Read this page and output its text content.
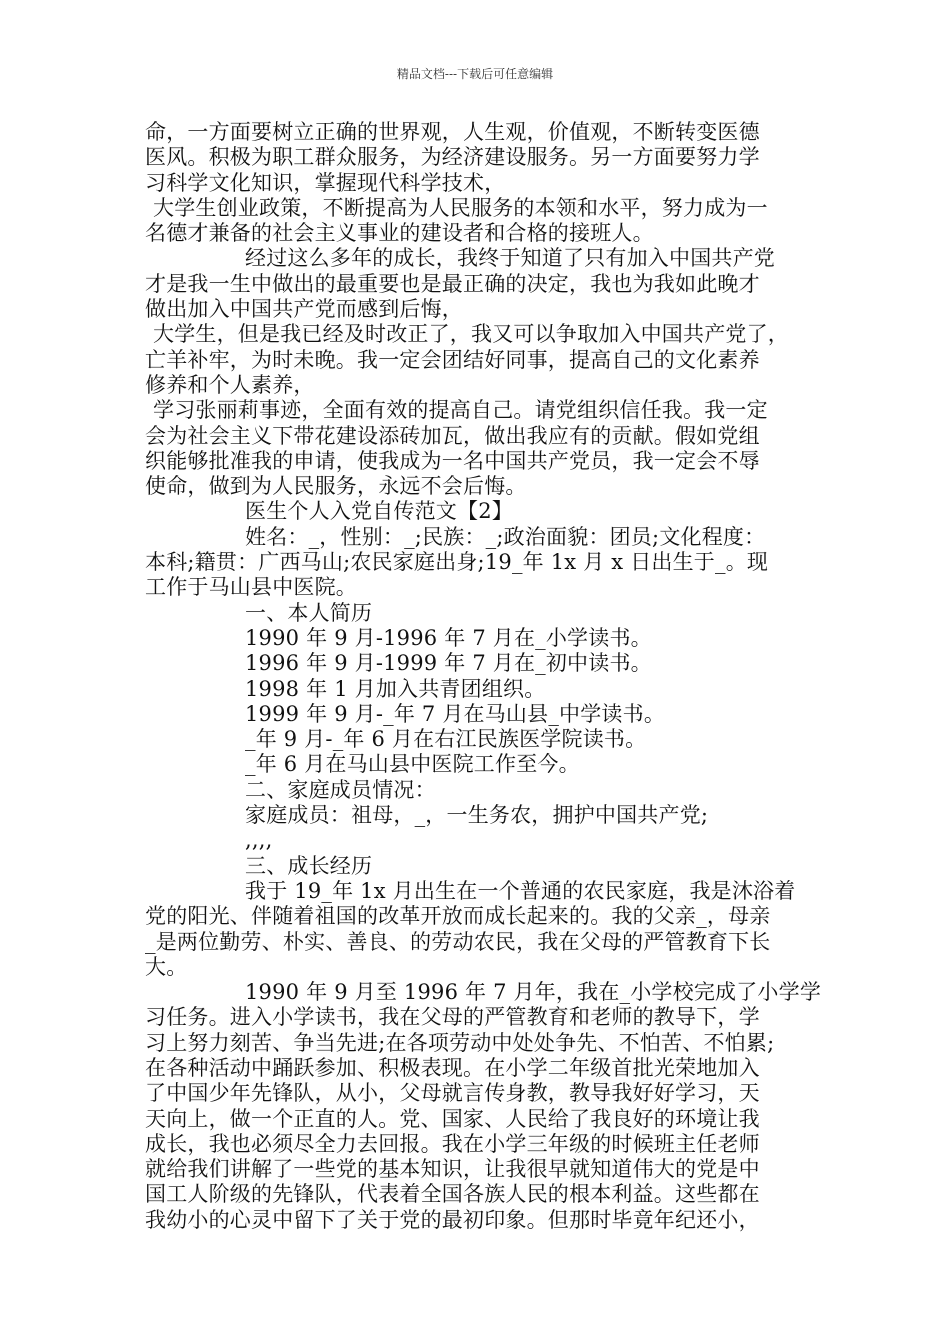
精品文档---下载后可任意编辑
命，一方面要树立正确的世界观，人生观，价值观，不断转变医德
医风。积极为职工群众服务，为经济建设服务。另一方面要努力学
习科学文化知识，掌握现代科学技术，
大学生创业政策，不断提高为人民服务的本领和水平，努力成为一
名德才兼备的社会主义事业的建设者和合格的接班人。
经过这么多年的成长，我终于知道了只有加入中国共产党
才是我一生中做出的最重要也是最正确的决定，我也为我如此晚才
做出加入中国共产党而感到后悔，
大学生，但是我已经及时改正了，我又可以争取加入中国共产党了，
亡羊补牢，为时未晚。我一定会团结好同事，提高自己的文化素养
修养和个人素养，
学习张丽莉事迹，全面有效的提高自己。请党组织信任我。我一定
会为社会主义下带花建设添砖加瓦，做出我应有的贡献。假如党组
织能够批准我的申请，使我成为一名中国共产党员，我一定会不辱
使命，做到为人民服务，永远不会后悔。
医生个人入党自传范文【2】
姓名：_，性别：_;民族：_;政治面貌：团员;文化程度：
本科;籍贯：广西马山;农民家庭出身;19_年 1x 月 x 日出生于_。现
工作于马山县中医院。
一、本人简历
1990 年 9 月-1996 年 7 月在_小学读书。
1996 年 9 月-1999 年 7 月在_初中读书。
1998 年 1 月加入共青团组织。
1999 年 9 月-_年 7 月在马山县_中学读书。
_年 9 月-_年 6 月在右江民族医学院读书。
_年 6 月在马山县中医院工作至今。
二、家庭成员情况：
家庭成员：祖母，_，一生务农，拥护中国共产党;
,,,,
三、成长经历
我于 19_年 1x 月出生在一个普通的农民家庭，我是沐浴着
党的阳光、伴随着祖国的改革开放而成长起来的。我的父亲_，母亲
_是两位勤劳、朴实、善良、的劳动农民，我在父母的严管教育下长
大。
1990 年 9 月至 1996 年 7 月年，我在_小学校完成了小学学
习任务。进入小学读书，我在父母的严管教育和老师的教导下，学
习上努力刻苦、争当先进;在各项劳动中处处争先、不怕苦、不怕累;
在各种活动中踊跃参加、积极表现。在小学二年级首批光荣地加入
了中国少年先锋队，从小，父母就言传身教，教导我好好学习，天
天向上，做一个正直的人。党、国家、人民给了我良好的环境让我
成长，我也必须尽全力去回报。我在小学三年级的时候班主任老师
就给我们讲解了一些党的基本知识，让我很早就知道伟大的党是中
国工人阶级的先锋队，代表着全国各族人民的根本利益。这些都在
我幼小的心灵中留下了关于党的最初印象。但那时毕竟年纪还小，
